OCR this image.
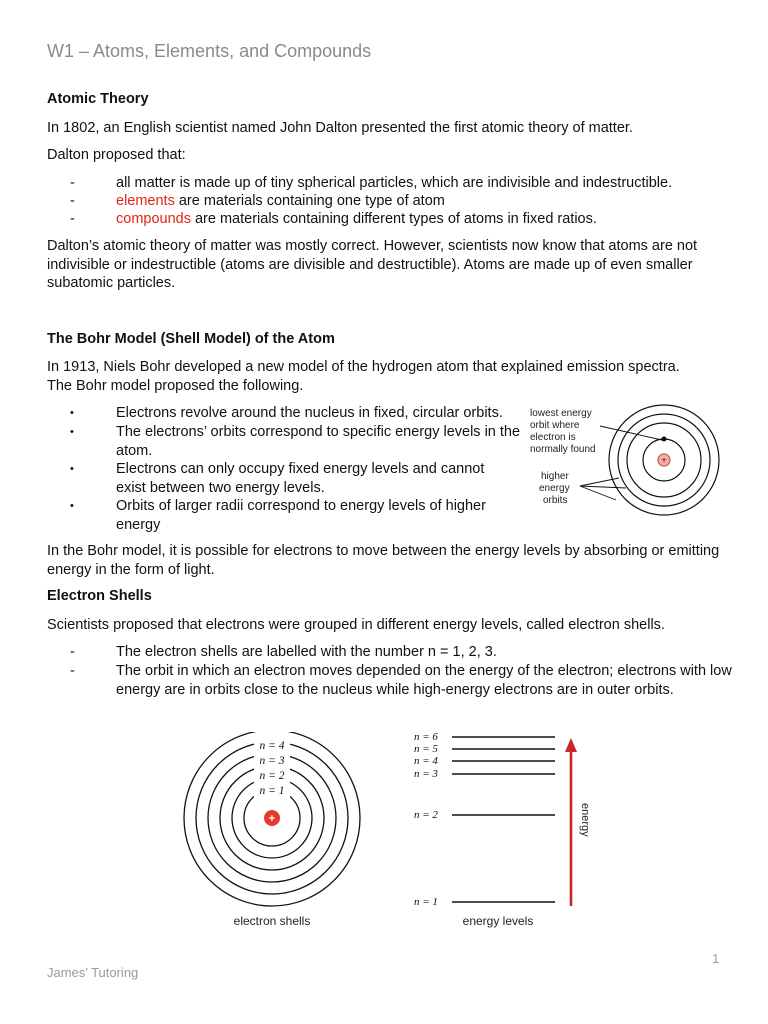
W1 – Atoms, Elements, and Compounds
Atomic Theory
In 1802, an English scientist named John Dalton presented the first atomic theory of matter.
Dalton proposed that:
-	all matter is made up of tiny spherical particles, which are indivisible and indestructible.
-	elements are materials containing one type of atom
-	compounds are materials containing different types of atoms in fixed ratios.
Dalton’s atomic theory of matter was mostly correct. However, scientists now know that atoms are not indivisible or indestructible (atoms are divisible and destructible). Atoms are made up of even smaller subatomic particles.
The Bohr Model (Shell Model) of the Atom
In 1913, Niels Bohr developed a new model of the hydrogen atom that explained emission spectra. The Bohr model proposed the following.
•	Electrons revolve around the nucleus in fixed, circular orbits.
•	The electrons’ orbits correspond to specific energy levels in the atom.
•	Electrons can only occupy fixed energy levels and cannot exist between two energy levels.
•	Orbits of larger radii correspond to energy levels of higher energy
lowest energy
orbit where
electron is
normally found
higher
energy
orbits
+
In the Bohr model, it is possible for electrons to move between the energy levels by absorbing or emitting energy in the form of light.
Electron Shells
Scientists proposed that electrons were grouped in different energy levels, called electron shells.
-	The electron shells are labelled with the number n = 1, 2, 3.
-	The orbit in which an electron moves depended on the energy of the electron; electrons with low energy are in orbits close to the nucleus while high-energy electrons are in outer orbits.
n = 4
n = 3
n = 2
n = 1
+
electron shells
n = 6
n = 5
n = 4
n = 3
n = 2
n = 1
energy
energy levels
James’ Tutoring
1
